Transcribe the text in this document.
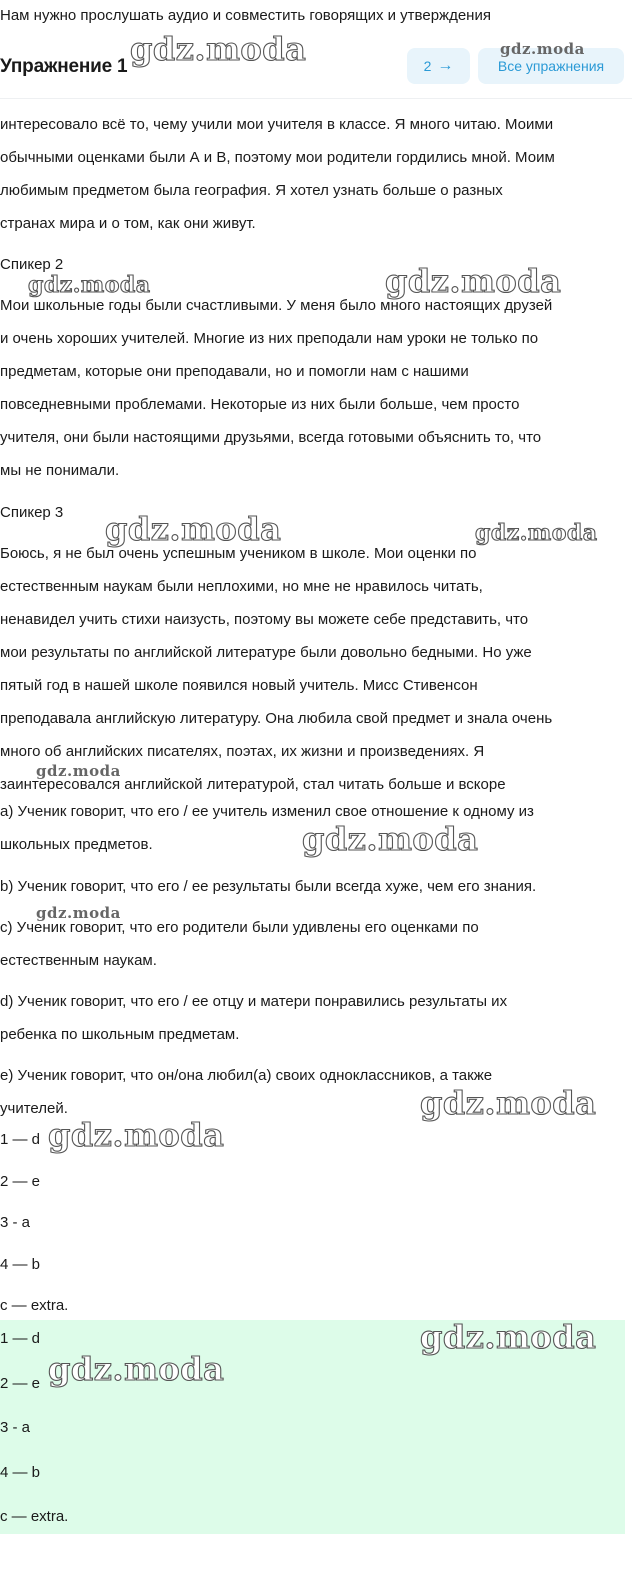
Нам нужно прослушать аудио и совместить говорящих и утверждения
Упражнение 1	2 →	Все упражнения
интересовало всё то, чему учили мои учителя в классе. Я много читаю. Моими
обычными оценками были А и В, поэтому мои родители гордились мной. Моим
любимым предметом была география. Я хотел узнать больше о разных
странах мира и о том, как они живут.
Спикер 2
Мои школьные годы были счастливыми. У меня было много настоящих друзей
и очень хороших учителей. Многие из них преподали нам уроки не только по
предметам, которые они преподавали, но и помогли нам с нашими
повседневными проблемами. Некоторые из них были больше, чем просто
учителя, они были настоящими друзьями, всегда готовыми объяснить то, что
мы не понимали.
Спикер 3
Боюсь, я не был очень успешным учеником в школе. Мои оценки по
естественным наукам были неплохими, но мне не нравилось читать,
ненавидел учить стихи наизусть, поэтому вы можете себе представить, что
мои результаты по английской литературе были довольно бедными. Но уже
пятый год в нашей школе появился новый учитель. Мисс Стивенсон
преподавала английскую литературу. Она любила свой предмет и знала очень
много об английских писателях, поэтах, их жизни и произведениях. Я
заинтересовался английской литературой, стал читать больше и вскоре
a) Ученик говорит, что его / ее учитель изменил свое отношение к одному из
школьных предметов.
b) Ученик говорит, что его / ее результаты были всегда хуже, чем его знания.
c) Ученик говорит, что его родители были удивлены его оценками по
естественным наукам.
d) Ученик говорит, что его / ее отцу и матери понравились результаты их
ребенка по школьным предметам.
e) Ученик говорит, что он/она любил(а) своих одноклассников, а также
учителей.
1 — d
2 — e
3 - a
4 — b
c — extra.
1 — d
2 — e
3 - a
4 — b
c — extra.
gdz.moda	gdz.moda
gdz.moda	gdz.moda
gdz.moda	gdz.moda
gdz.moda
gdz.moda
gdz.moda
gdz.moda
gdz.moda
gdz.moda
gdz.moda
